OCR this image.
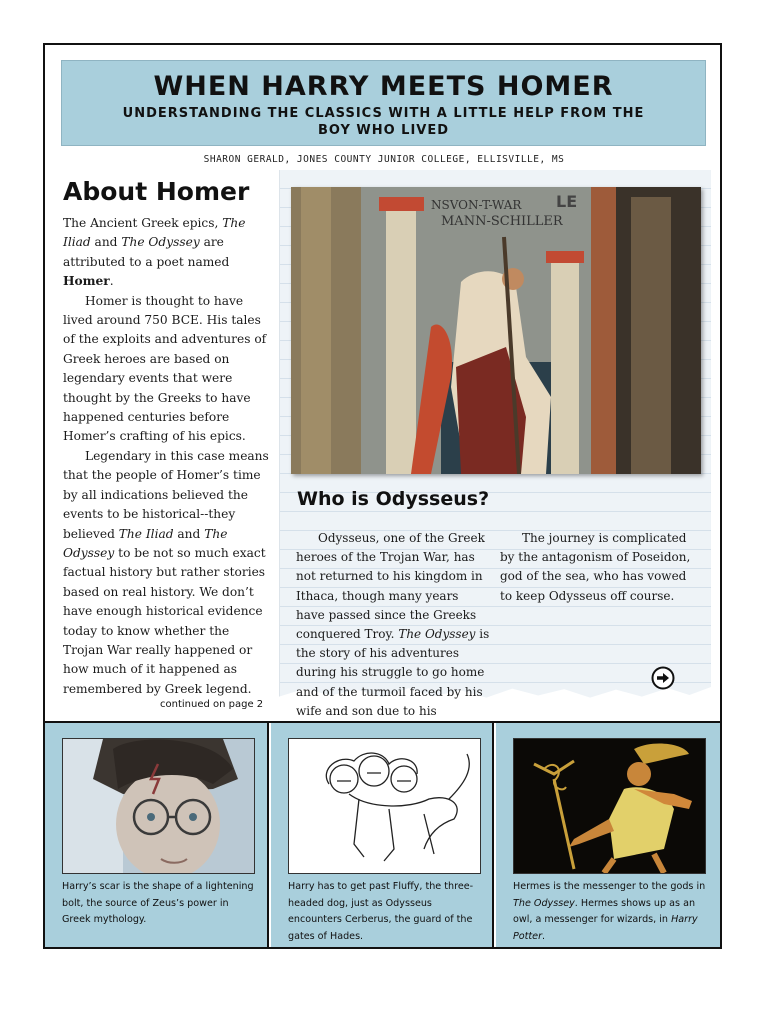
WHEN HARRY MEETS HOMER
UNDERSTANDING THE CLASSICS WITH A LITTLE HELP FROM THE BOY WHO LIVED
SHARON GERALD, JONES COUNTY JUNIOR COLLEGE, ELLISVILLE, MS
About Homer

The Ancient Greek epics, The Iliad and The Odyssey are attributed to a poet named Homer.

Homer is thought to have lived around 750 BCE. His tales of the exploits and adventures of Greek heroes are based on legendary events that were thought by the Greeks to have happened centuries before Homer’s crafting of his epics.

Legendary in this case means that the people of Homer’s time by all indications believed the events to be historical--they believed The Iliad and The Odyssey to be not so much exact factual history but rather stories based on real history. We don’t have enough historical evidence today to know whether the Trojan War really happened or how much of it happened as remembered by Greek legend.

continued on page 2
NSVON-T-WAR
MANN-SCHILLER
LE
Who is Odysseus?
Odysseus, one of the Greek heroes of the Trojan War, has not returned to his kingdom in Ithaca, though many years have passed since the Greeks conquered Troy. The Odyssey is the story of his adventures during his struggle to go home and of the turmoil faced by his wife and son due to his
The journey is complicated by the antagonism of Poseidon, god of the sea, who has vowed to keep Odysseus off course.
Harry’s scar is the shape of a lightening bolt, the source of Zeus’s power in Greek mythology.
Harry has to get past Fluffy, the three-headed dog, just as Odysseus encounters Cerberus, the guard of the gates of Hades.
Hermes is the messenger to the gods in The Odyssey. Hermes shows up as an owl, a messenger for wizards, in Harry Potter.
